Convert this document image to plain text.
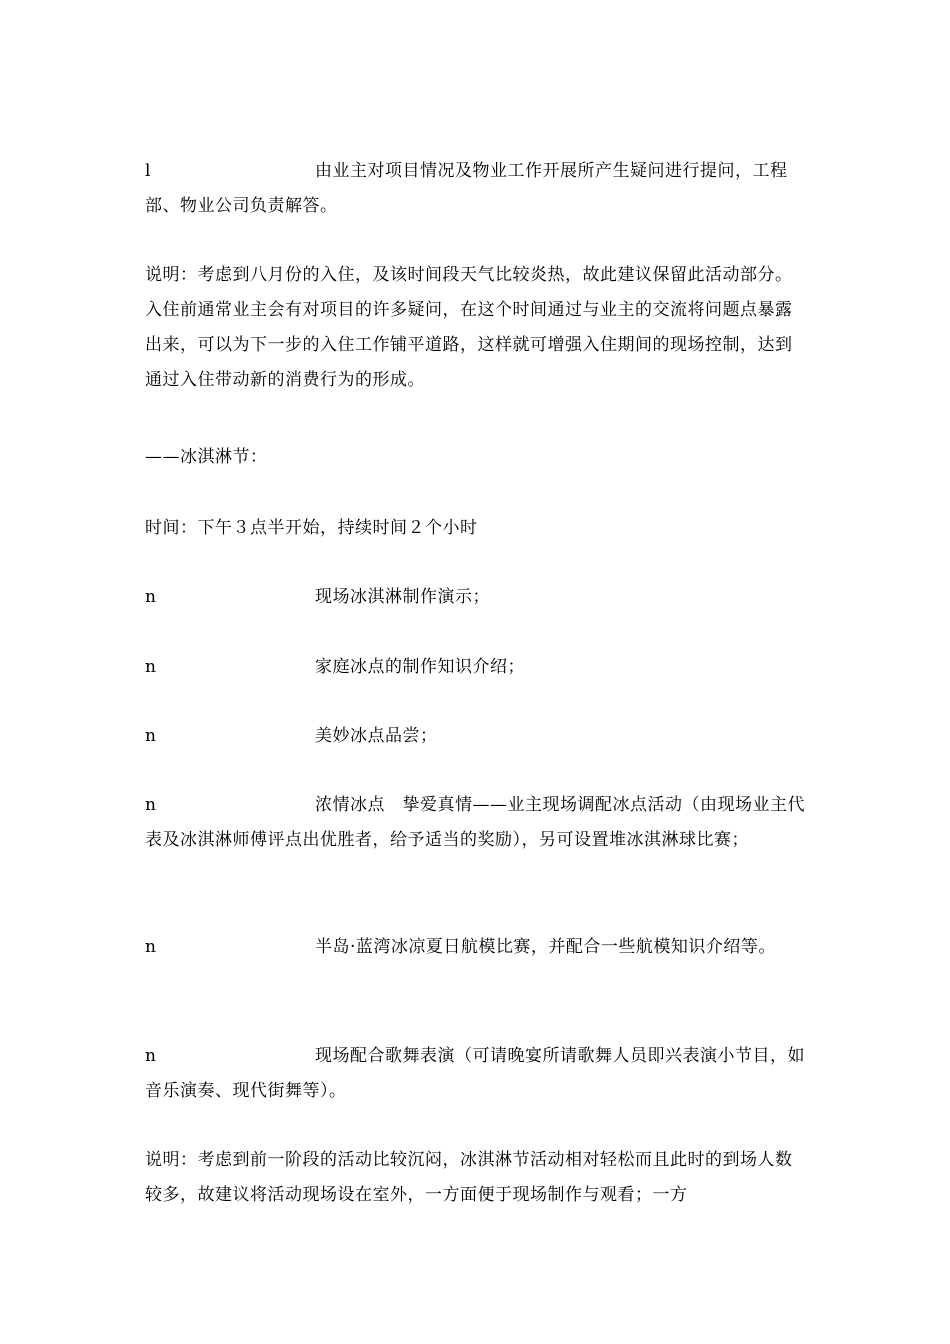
l	由业主对项目情况及物业工作开展所产生疑问进行提问，工程部、物业公司负责解答。
说明：考虑到八月份的入住，及该时间段天气比较炎热，故此建议保留此活动部分。入住前通常业主会有对项目的许多疑问，在这个时间通过与业主的交流将问题点暴露出来，可以为下一步的入住工作铺平道路，这样就可增强入住期间的现场控制，达到通过入住带动新的消费行为的形成。
——冰淇淋节：
时间：下午３点半开始，持续时间２个小时
n	现场冰淇淋制作演示；
n	家庭冰点的制作知识介绍；
n	美妙冰点品尝；
n	浓情冰点　挚爱真情——业主现场调配冰点活动（由现场业主代表及冰淇淋师傅评点出优胜者，给予适当的奖励），另可设置堆冰淇淋球比赛；
n	半岛·蓝湾冰凉夏日航模比赛，并配合一些航模知识介绍等。
n	现场配合歌舞表演（可请晚宴所请歌舞人员即兴表演小节目，如音乐演奏、现代街舞等）。
说明：考虑到前一阶段的活动比较沉闷，冰淇淋节活动相对轻松而且此时的到场人数较多，故建议将活动现场设在室外，一方面便于现场制作与观看；一方
